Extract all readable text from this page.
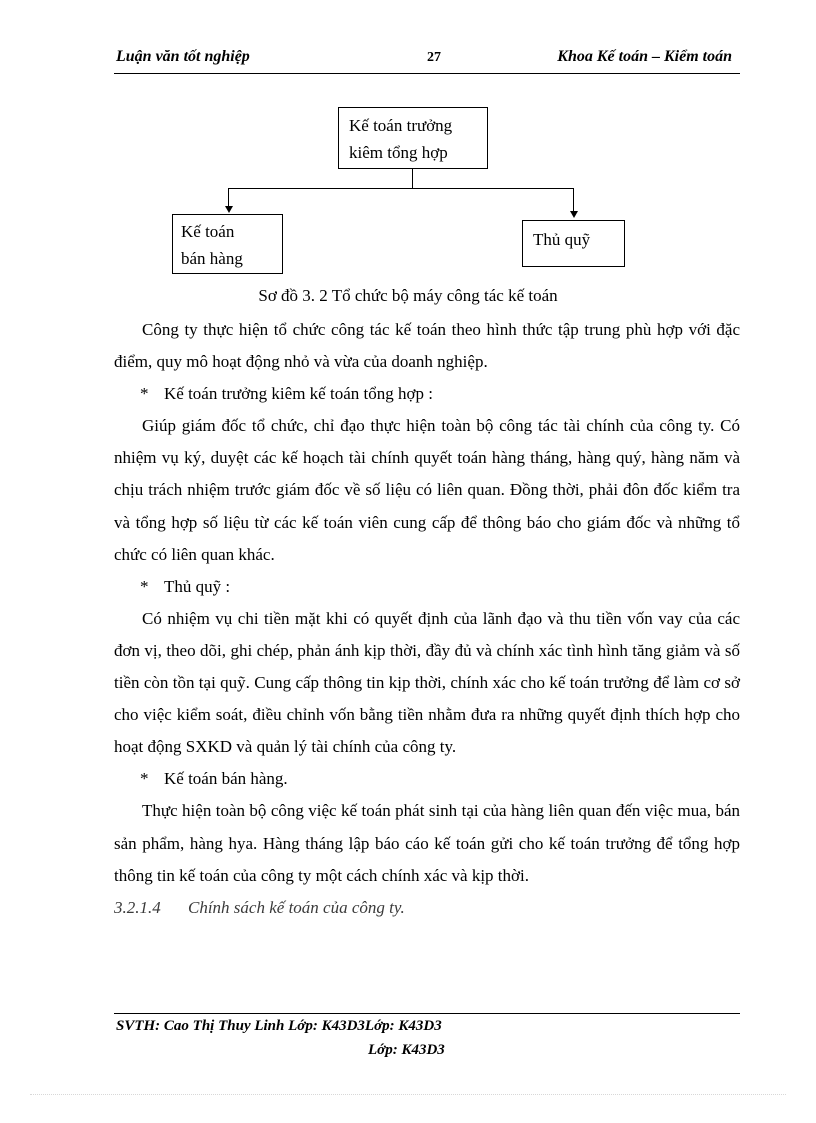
Luận văn tốt nghiệp	27	Khoa Kế toán – Kiểm toán
Kế toán trưởng
kiêm tổng hợp
Kế toán
bán hàng
Thủ quỹ
Sơ đồ 3. 2 Tổ chức bộ máy công tác kế toán

Công ty thực hiện tổ chức công tác kế toán theo hình thức tập trung phù hợp với đặc điểm, quy mô hoạt động nhỏ và vừa của doanh nghiệp.

* Kế toán trưởng kiêm kế toán tổng hợp :

Giúp giám đốc tổ chức, chỉ đạo thực hiện toàn bộ công tác tài chính của công ty. Có nhiệm vụ ký, duyệt các kế hoạch tài chính quyết toán hàng tháng, hàng quý, hàng năm và chịu trách nhiệm trước giám đốc về số liệu có liên quan. Đồng thời, phải đôn đốc kiểm tra và tổng hợp số liệu từ các kế toán viên cung cấp để thông báo cho giám đốc và những tổ chức có liên quan khác.

* Thủ quỹ :

Có nhiệm vụ chi tiền mặt khi có quyết định của lãnh đạo và thu tiền vốn vay của các đơn vị, theo dõi, ghi chép, phản ánh kịp thời, đầy đủ và chính xác tình hình tăng giảm và số tiền còn tồn tại quỹ. Cung cấp thông tin kịp thời, chính xác cho kế toán trưởng để làm cơ sở cho việc kiểm soát, điều chỉnh vốn bằng tiền nhằm đưa ra những quyết định thích hợp cho hoạt động SXKD và quản lý tài chính của công ty.

* Kế toán bán hàng.

Thực hiện toàn bộ công việc kế toán phát sinh tại của hàng liên quan đến việc mua, bán sản phẩm, hàng hya. Hàng tháng lập báo cáo kế toán gửi cho kế toán trưởng để tổng hợp thông tin kế toán của công ty một cách chính xác và kịp thời.

3.2.1.4 Chính sách kế toán của công ty.

SVTH: Cao Thị Thuy Linh Lớp: K43D3Lớp: K43D3
Lớp: K43D3
